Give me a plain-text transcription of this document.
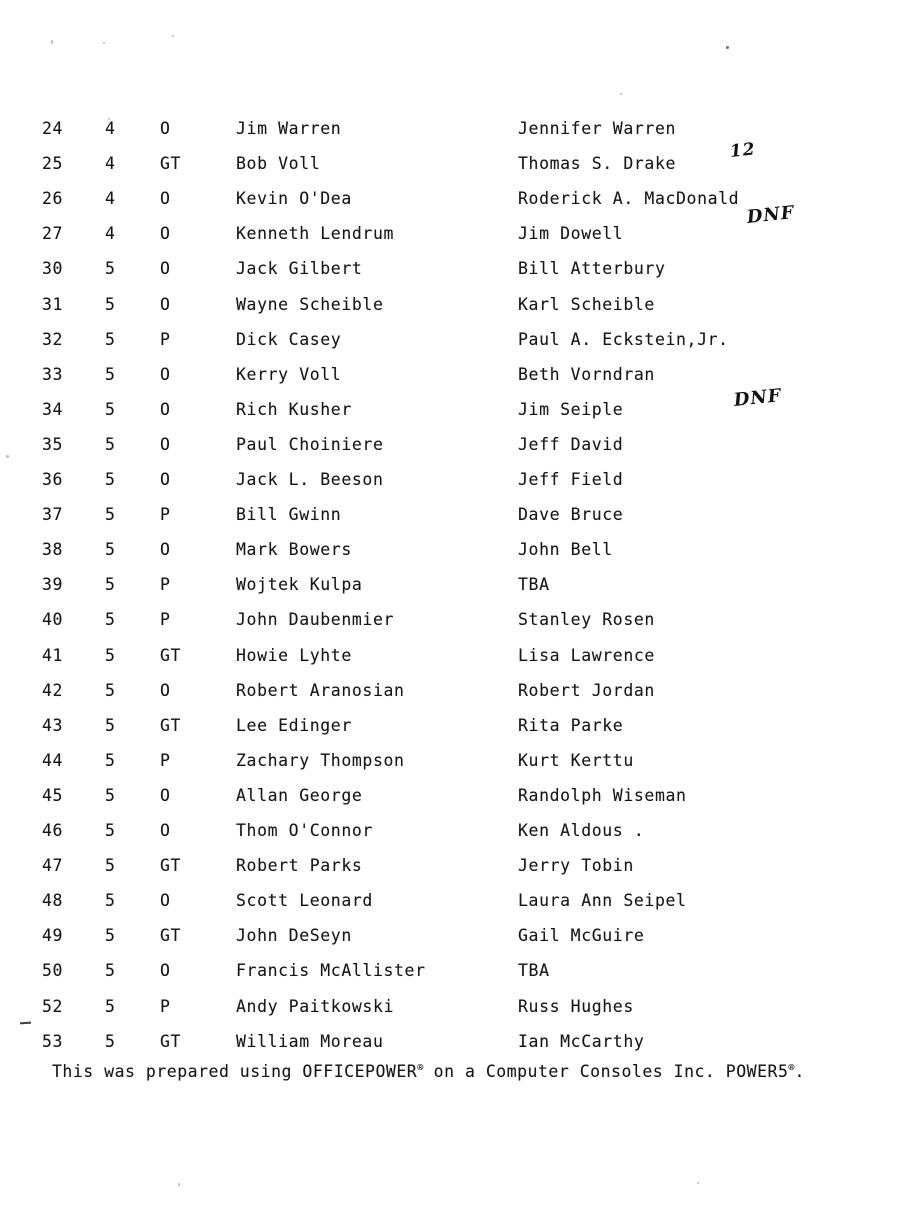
24	4	O	Jim Warren	Jennifer Warren
25	4	GT	Bob Voll	Thomas S. Drake
26	4	O	Kevin O'Dea	Roderick A. MacDonald
27	4	O	Kenneth Lendrum	Jim Dowell
30	5	O	Jack Gilbert	Bill Atterbury
31	5	O	Wayne Scheible	Karl Scheible
32	5	P	Dick Casey	Paul A. Eckstein,Jr.
33	5	O	Kerry Voll	Beth Vorndran
34	5	O	Rich Kusher	Jim Seiple
35	5	O	Paul Choiniere	Jeff David
36	5	O	Jack L. Beeson	Jeff Field
37	5	P	Bill Gwinn	Dave Bruce
38	5	O	Mark Bowers	John Bell
39	5	P	Wojtek Kulpa	TBA
40	5	P	John Daubenmier	Stanley Rosen
41	5	GT	Howie Lyhte	Lisa Lawrence
42	5	O	Robert Aranosian	Robert Jordan
43	5	GT	Lee Edinger	Rita Parke
44	5	P	Zachary Thompson	Kurt Kerttu
45	5	O	Allan George	Randolph Wiseman
46	5	O	Thom O'Connor	Ken Aldous .
47	5	GT	Robert Parks	Jerry Tobin
48	5	O	Scott Leonard	Laura Ann Seipel
49	5	GT	John DeSeyn	Gail McGuire
50	5	O	Francis McAllister	TBA
52	5	P	Andy Paitkowski	Russ Hughes
53	5	GT	William Moreau	Ian McCarthy
12
DNF
DNF
This was prepared using OFFICEPOWER® on a Computer Consoles Inc. POWER5®.
